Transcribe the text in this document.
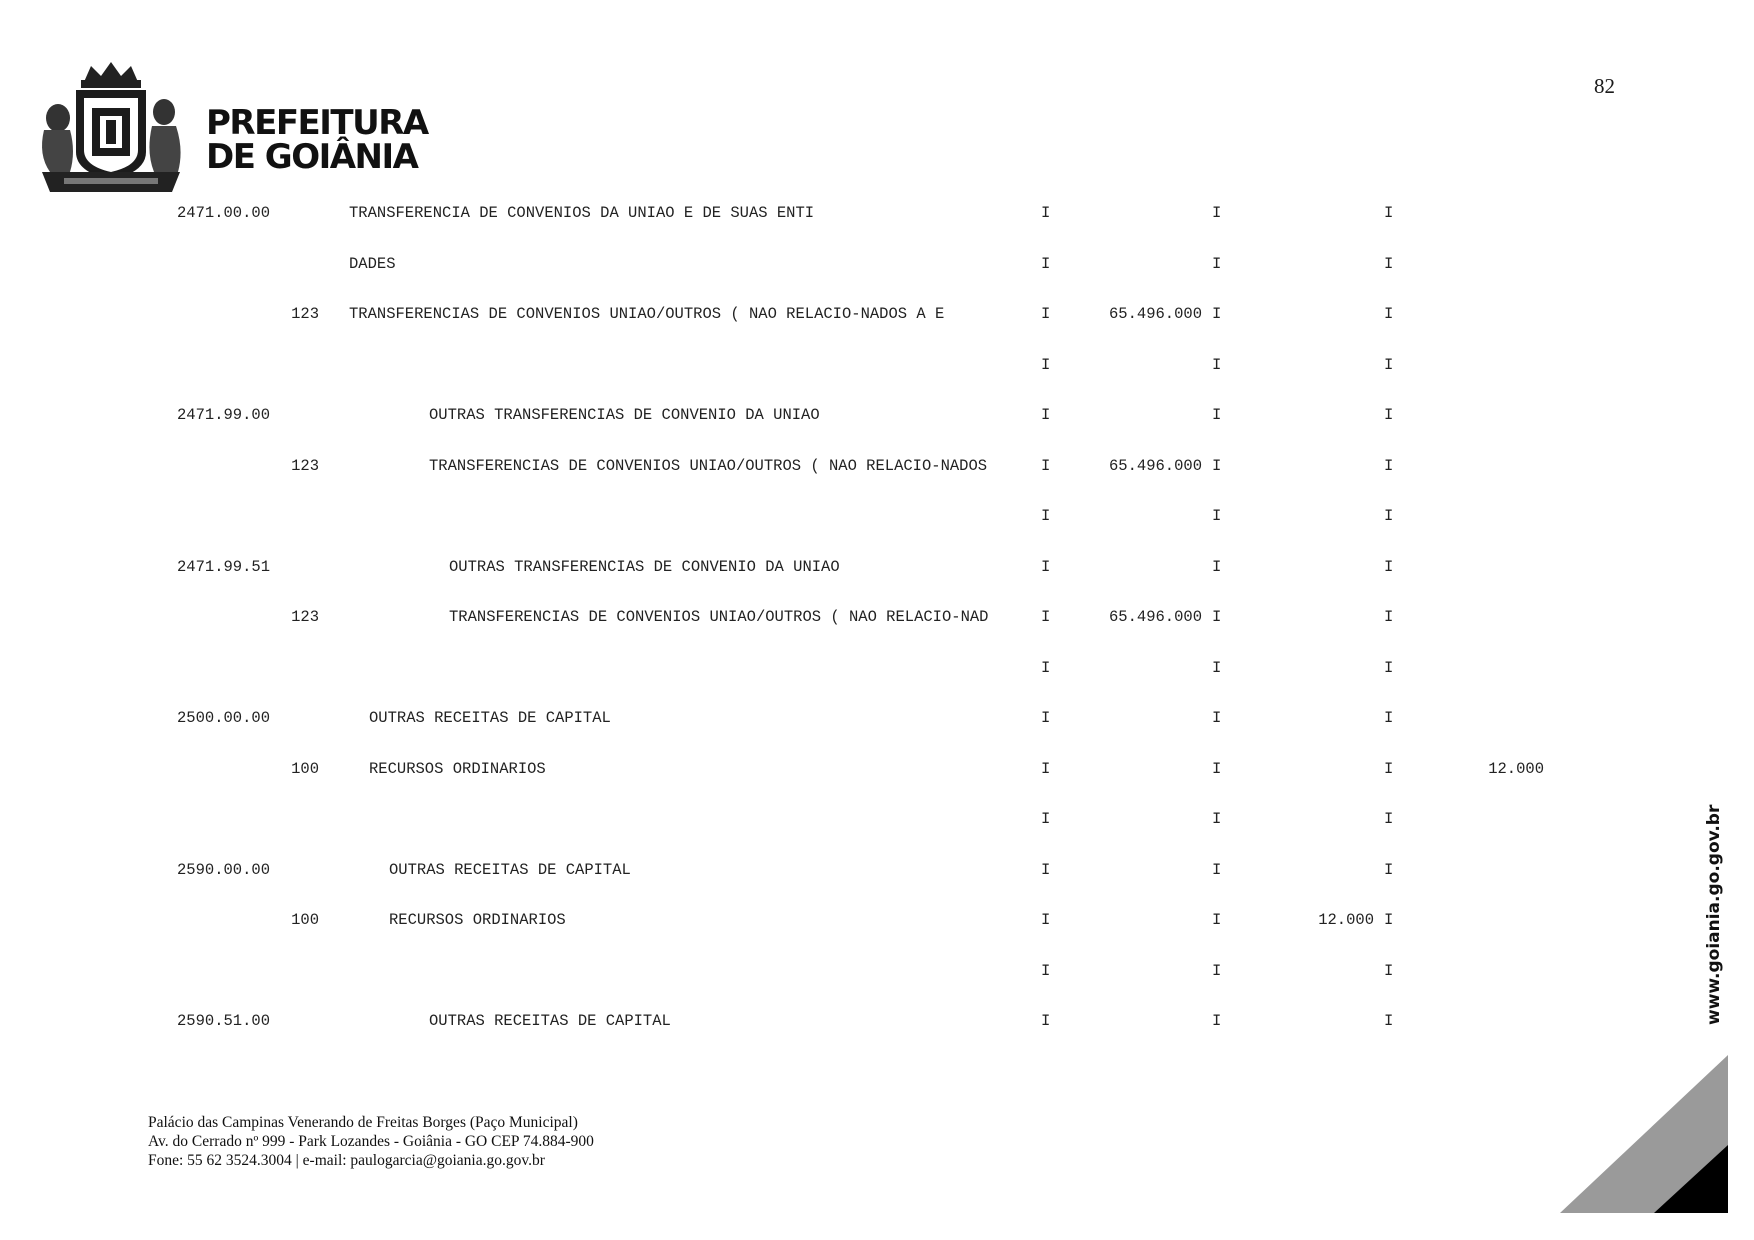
PREFEITURA
DE GOIÂNIA
82
2471.00.00	TRANSFERENCIA DE CONVENIOS DA UNIAO E DE SUAS ENTI	I	I	I
DADES	I	I	I
123 TRANSFERENCIAS DE CONVENIOS UNIAO/OUTROS ( NAO RELACIO-NADOS A E	I	65.496.000 I	I
I	I	I
2471.99.00	OUTRAS TRANSFERENCIAS DE CONVENIO DA UNIAO	I	I	I
123	TRANSFERENCIAS DE CONVENIOS UNIAO/OUTROS ( NAO RELACIO-NADOS	I	65.496.000 I	I
I	I	I
2471.99.51	OUTRAS TRANSFERENCIAS DE CONVENIO DA UNIAO	I	I	I
123	TRANSFERENCIAS DE CONVENIOS UNIAO/OUTROS ( NAO RELACIO-NAD	I	65.496.000 I	I
I	I	I
2500.00.00	OUTRAS RECEITAS DE CAPITAL	I	I	I
100	RECURSOS ORDINARIOS	I	I	I	12.000
I	I	I
2590.00.00	OUTRAS RECEITAS DE CAPITAL	I	I	I
100	RECURSOS ORDINARIOS	I	I	12.000 I
I	I	I
2590.51.00	OUTRAS RECEITAS DE CAPITAL	I	I	I	www.goiania.go.gov.br
Palácio das Campinas Venerando de Freitas Borges (Paço Municipal)
Av. do Cerrado nº 999 - Park Lozandes - Goiânia - GO CEP 74.884-900
Fone: 55 62 3524.3004 | e-mail: paulogarcia@goiania.go.gov.br
